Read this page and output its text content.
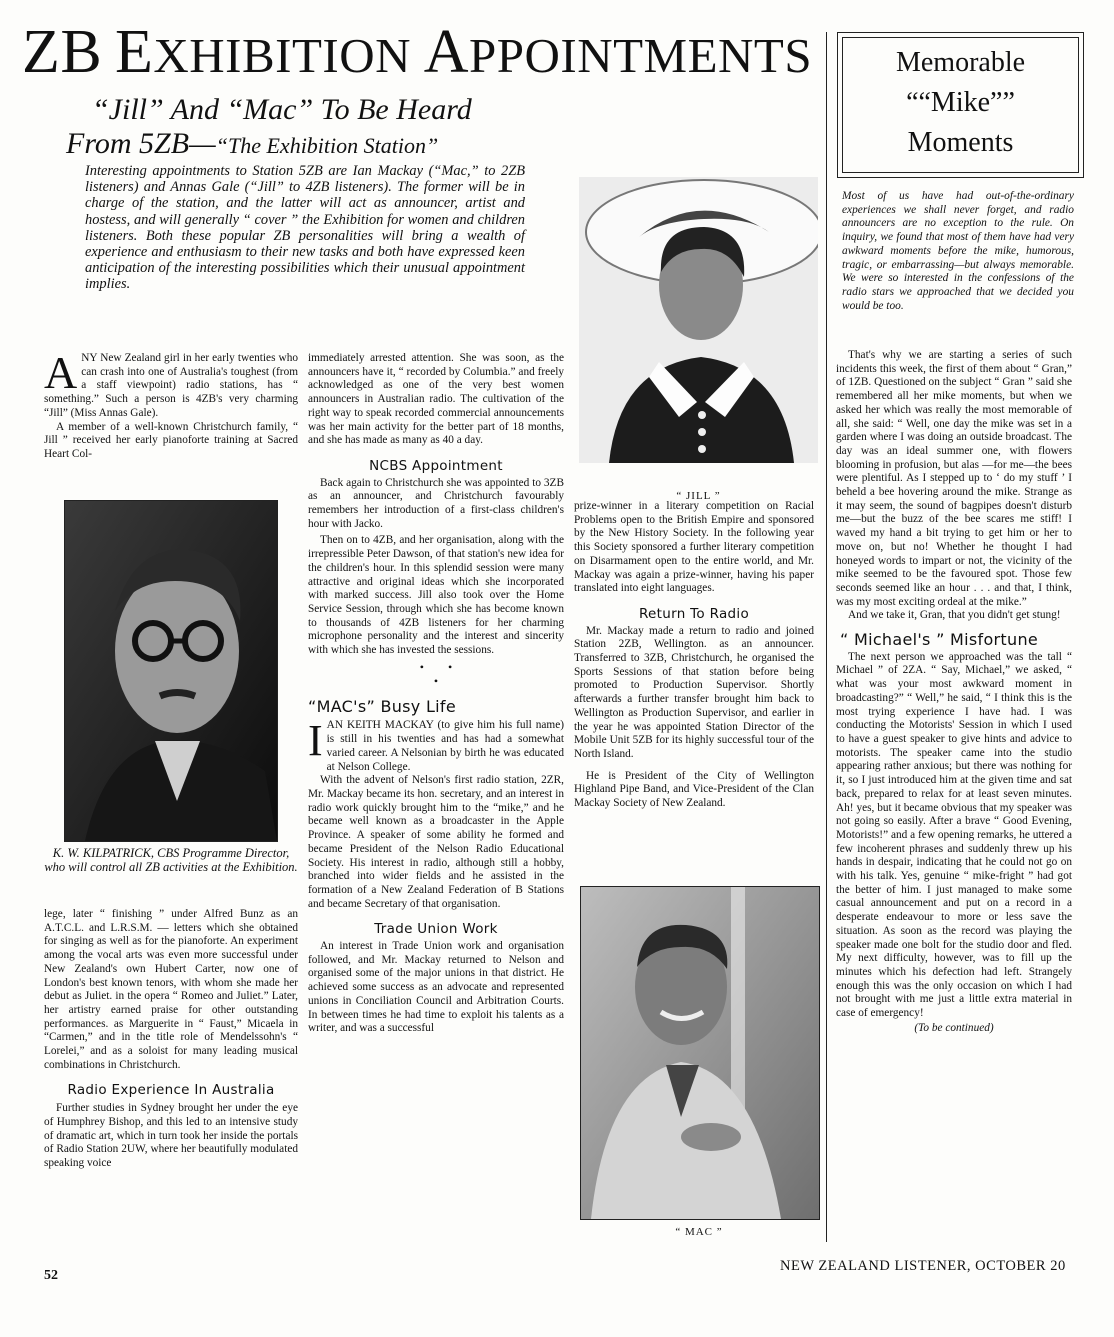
ZB EXHIBITION APPOINTMENTS
“Jill” And “Mac” To Be Heard
From 5ZB—“The Exhibition Station”
Interesting appointments to Station 5ZB are Ian Mackay (“Mac,” to 2ZB listeners) and Annas Gale (“Jill” to 4ZB listeners). The former will be in charge of the station, and the latter will act as announcer, artist and hostess, and will generally “ cover ” the Exhibition for women and children listeners. Both these popular ZB personalities will bring a wealth of experience and enthusiasm to their new tasks and both have expressed keen anticipation of the interesting possibilities which their unusual appointment implies.

ANY New Zealand girl in her early twenties who can crash into one of Australia's toughest (from a staff viewpoint) radio stations, has “ something.” Such a person is 4ZB's very charming “Jill” (Miss Annas Gale).

A member of a well-known Christchurch family, “ Jill ” received her early pianoforte training at Sacred Heart Col-

K. W. KILPATRICK, CBS Programme Director, who will control all ZB activities at the Exhibition.

lege, later “ finishing ” under Alfred Bunz as an A.T.C.L. and L.R.S.M. — letters which she obtained for singing as well as for the pianoforte. An experiment among the vocal arts was even more successful under New Zealand's own Hubert Carter, now one of London's best known tenors, with whom she made her debut as Juliet. in the opera “ Romeo and Juliet.” Later, her artistry earned praise for other outstanding performances. as Marguerite in “ Faust,” Micaela in “Carmen,” and in the title role of Mendelssohn's “ Lorelei,” and as a soloist for many leading musical combinations in Christchurch.

Radio Experience In Australia

Further studies in Sydney brought her under the eye of Humphrey Bishop, and this led to an intensive study of dramatic art, which in turn took her inside the portals of Radio Station 2UW, where her beautifully modulated speaking voice

immediately arrested attention. She was soon, as the announcers have it, “ recorded by Columbia.” and freely acknowledged as one of the very best women announcers in Australian radio. The cultivation of the right way to speak recorded commercial announcements was her main activity for the better part of 18 months, and she has made as many as 40 a day.

NCBS Appointment

Back again to Christchurch she was appointed to 3ZB as an announcer, and Christchurch favourably remembers her introduction of a first-class children's hour with Jacko.

Then on to 4ZB, and her organisation, along with the irrepressible Peter Dawson, of that station's new idea for the children's hour. In this splendid session were many attractive and original ideas which she incorporated with marked success. Jill also took over the Home Service Session, through which she has become known to thousands of 4ZB listeners for her charming microphone personality and the interest and sincerity with which she has invested the sessions.

•        •
•
“MAC's” Busy Life

IAN KEITH MACKAY (to give him his full name) is still in his twenties and has had a somewhat varied career. A Nelsonian by birth he was educated at Nelson College.

With the advent of Nelson's first radio station, 2ZR, Mr. Mackay became its hon. secretary, and an interest in radio work quickly brought him to the “mike,” and he became well known as a broadcaster in the Apple Province. A speaker of some ability he formed and became President of the Nelson Radio Educational Society. His interest in radio, although still a hobby, branched into wider fields and he assisted in the formation of a New Zealand Federation of B Stations and became Secretary of that organisation.

Trade Union Work

An interest in Trade Union work and organisation followed, and Mr. Mackay returned to Nelson and organised some of the major unions in that district. He achieved some success as an advocate and represented unions in Conciliation Council and Arbitration Courts. In between times he had time to exploit his talents as a writer, and was a successful

“ JILL ”

prize-winner in a literary competition on Racial Problems open to the British Empire and sponsored by the New History Society. In the following year this Society sponsored a further literary competition on Disarmament open to the entire world, and Mr. Mackay was again a prize-winner, having his paper translated into eight languages.

Return To Radio

Mr. Mackay made a return to radio and joined Station 2ZB, Wellington. as an announcer. Transferred to 3ZB, Christchurch, he organised the Sports Sessions of that station before being promoted to Production Supervisor. Shortly afterwards a further transfer brought him back to Wellington as Production Supervisor, and earlier in the year he was appointed Station Director of the Mobile Unit 5ZB for its highly successful tour of the North Island.

He is President of the City of Wellington Highland Pipe Band, and Vice-President of the Clan Mackay Society of New Zealand.

“ MAC ”
Memorable
““Mike””
Moments
Most of us have had out-of-the-ordinary experiences we shall never forget, and radio announcers are no exception to the rule. On inquiry, we found that most of them have had very awkward moments before the mike, humorous, tragic, or embarrassing—but always memorable. We were so interested in the confessions of the radio stars we approached that we decided you would be too.

That's why we are starting a series of such incidents this week, the first of them about “ Gran,” of 1ZB. Questioned on the subject “ Gran ” said she remembered all her mike moments, but when we asked her which was really the most memorable of all, she said: “ Well, one day the mike was set in a garden where I was doing an outside broadcast. The day was an ideal summer one, with flowers blooming in profusion, but alas —for me—the bees were plentiful. As I stepped up to ‘ do my stuff ’ I beheld a bee hovering around the mike. Strange as it may seem, the sound of bagpipes doesn't disturb me—but the buzz of the bee scares me stiff! I waved my hand a bit trying to get him or her to move on, but no! Whether he thought I had honeyed words to impart or not, the vicinity of the mike seemed to be the favoured spot. Those few seconds seemed like an hour . . . and that, I think, was my most exciting ordeal at the mike.”

And we take it, Gran, that you didn't get stung!

“ Michael's ” Misfortune

The next person we approached was the tall “ Michael ” of 2ZA. “ Say, Michael,” we asked, “ what was your most awkward moment in broadcasting?” “ Well,” he said, “ I think this is the most trying experience I have had. I was conducting the Motorists' Session in which I used to have a guest speaker to give hints and advice to motorists. The speaker came into the studio appearing rather anxious; but there was nothing for it, so I just introduced him at the given time and sat back, prepared to relax for at least seven minutes. Ah! yes, but it became obvious that my speaker was not going so easily. After a brave “ Good Evening, Motorists!” and a few opening remarks, he uttered a few incoherent phrases and suddenly threw up his hands in despair, indicating that he could not go on with his talk. Yes, genuine “ mike-fright ” had got the better of him. I just managed to make some casual announcement and put on a record in a desperate endeavour to more or less save the situation. As soon as the record was playing the speaker made one bolt for the studio door and fled. My next difficulty, however, was to fill up the minutes which his defection had left. Strangely enough this was the only occasion on which I had not brought with me just a little extra material in case of emergency!

(To be continued)
52
NEW ZEALAND LISTENER, OCTOBER 20
